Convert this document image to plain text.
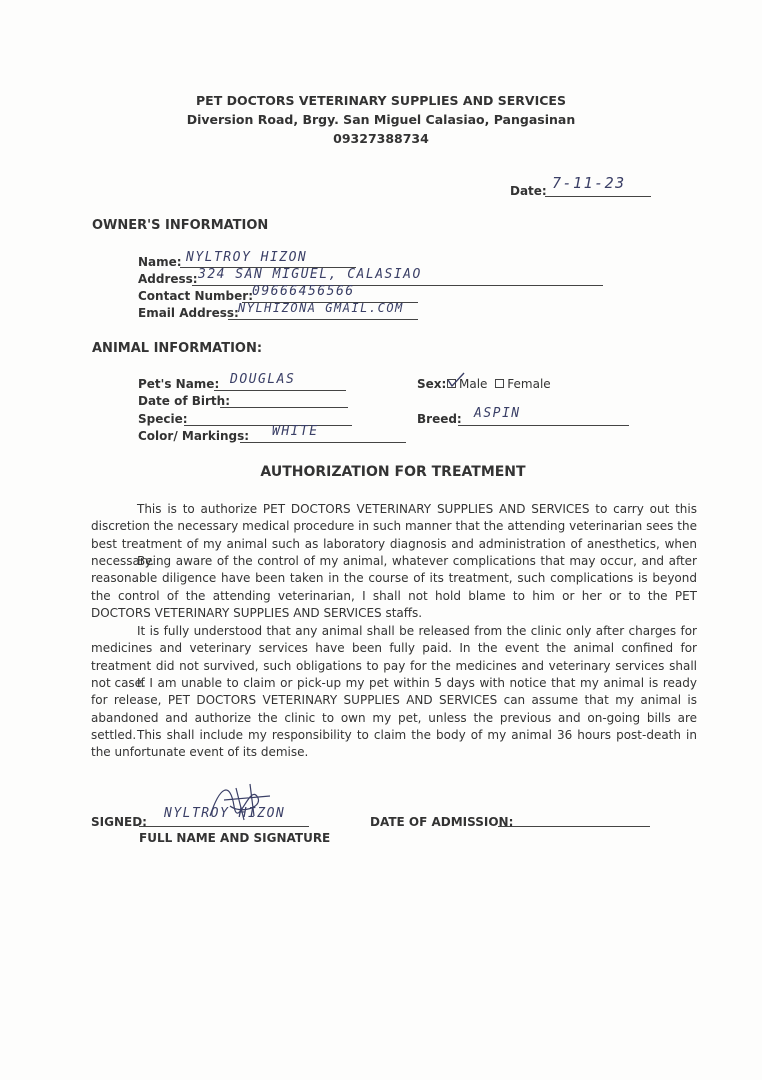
PET DOCTORS VETERINARY SUPPLIES AND SERVICES
Diversion Road, Brgy. San Miguel Calasiao, Pangasinan
09327388734
Date: 7-11-23
OWNER'S INFORMATION
Name: NYLTROY HIZON
Address: 324 SAN MIGUEL, CALASIAO
Contact Number: 09666456566
Email Address: NYLHIZONA GMAIL.COM
ANIMAL INFORMATION:
Pet's Name: DOUGLAS
Date of Birth:
Specie:
Color/ Markings: WHITE
Sex:	Male Female
Breed: ASPIN
AUTHORIZATION FOR TREATMENT
This is to authorize PET DOCTORS VETERINARY SUPPLIES AND SERVICES to carry out this discretion the necessary medical procedure in such manner that the attending veterinarian sees the best treatment of my animal such as laboratory diagnosis and administration of anesthetics, when necessary.
Being aware of the control of my animal, whatever complications that may occur, and after reasonable diligence have been taken in the course of its treatment, such complications is beyond the control of the attending veterinarian, I shall not hold blame to him or her or to the PET DOCTORS VETERINARY SUPPLIES AND SERVICES staffs.
It is fully understood that any animal shall be released from the clinic only after charges for medicines and veterinary services have been fully paid. In the event the animal confined for treatment did not survived, such obligations to pay for the medicines and veterinary services shall not case.
If I am unable to claim or pick-up my pet within 5 days with notice that my animal is ready for release, PET DOCTORS VETERINARY SUPPLIES AND SERVICES can assume that my animal is abandoned and authorize the clinic to own my pet, unless the previous and on-going bills are settled. This shall include my responsibility to claim the body of my animal 36 hours post-death in the unfortunate event of its demise.
SIGNED:
NYLTROY HIZON
FULL NAME AND SIGNATURE
DATE OF ADMISSION:
